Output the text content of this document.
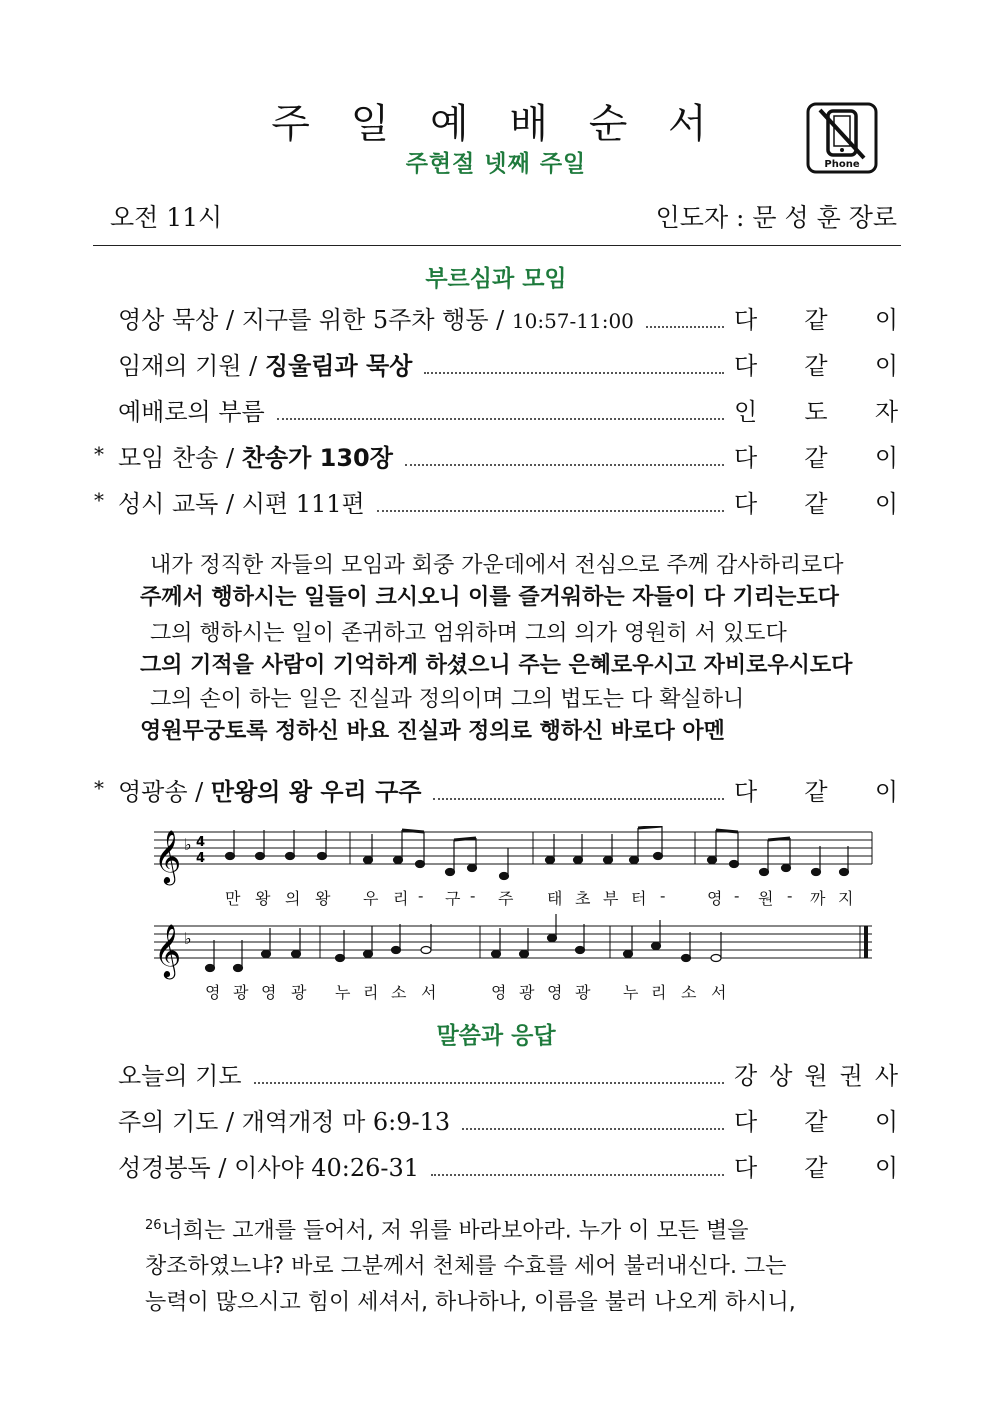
주 일 예 배 순 서
주현절 넷째 주일	Phone
오전 11시	인도자 : 문 성 훈 장로
부르심과 모임
영상 묵상 / 지구를 위한 5주차 행동 / 10:57-11:00	다 같 이
임재의 기원 / 징울림과 묵상	다 같 이
예배로의 부름	인 도 자
* 모임 찬송 / 찬송가 130장	다 같 이
* 성시 교독 / 시편 111편	다 같 이
내가 정직한 자들의 모임과 회중 가운데에서 전심으로 주께 감사하리로다
주께서 행하시는 일들이 크시오니 이를 즐거워하는 자들이 다 기리는도다
그의 행하시는 일이 존귀하고 엄위하며 그의 의가 영원히 서 있도다
그의 기적을 사람이 기억하게 하셨으니 주는 은혜로우시고 자비로우시도다
그의 손이 하는 일은 진실과 정의이며 그의 법도는 다 확실하니
영원무궁토록 정하신 바요 진실과 정의로 행하신 바로다 아멘
* 영광송 / 만왕의 왕 우리 구주	다 같 이
𝄞 ♭ 4
4
𝄞 ♭
만 왕 의 왕 우 리 - 구 - 주 태 초 부 터 - 영 - 원 - 까 지
영 광 영 광 누 리 소 서	영 광 영 광 누 리 소 서
말씀과 응답
오늘의 기도	강 상 원 권 사
주의 기도 / 개역개정 마 6:9-13	다 같 이
성경봉독 / 이사야 40:26-31	다 같 이
$^{26}$너희는 고개를 들어서, 저 위를 바라보아라. 누가 이 모든 별을
창조하였느냐? 바로 그분께서 천체를 수효를 세어 불러내신다. 그는
능력이 많으시고 힘이 세셔서, 하나하나, 이름을 불러 나오게 하시니,
